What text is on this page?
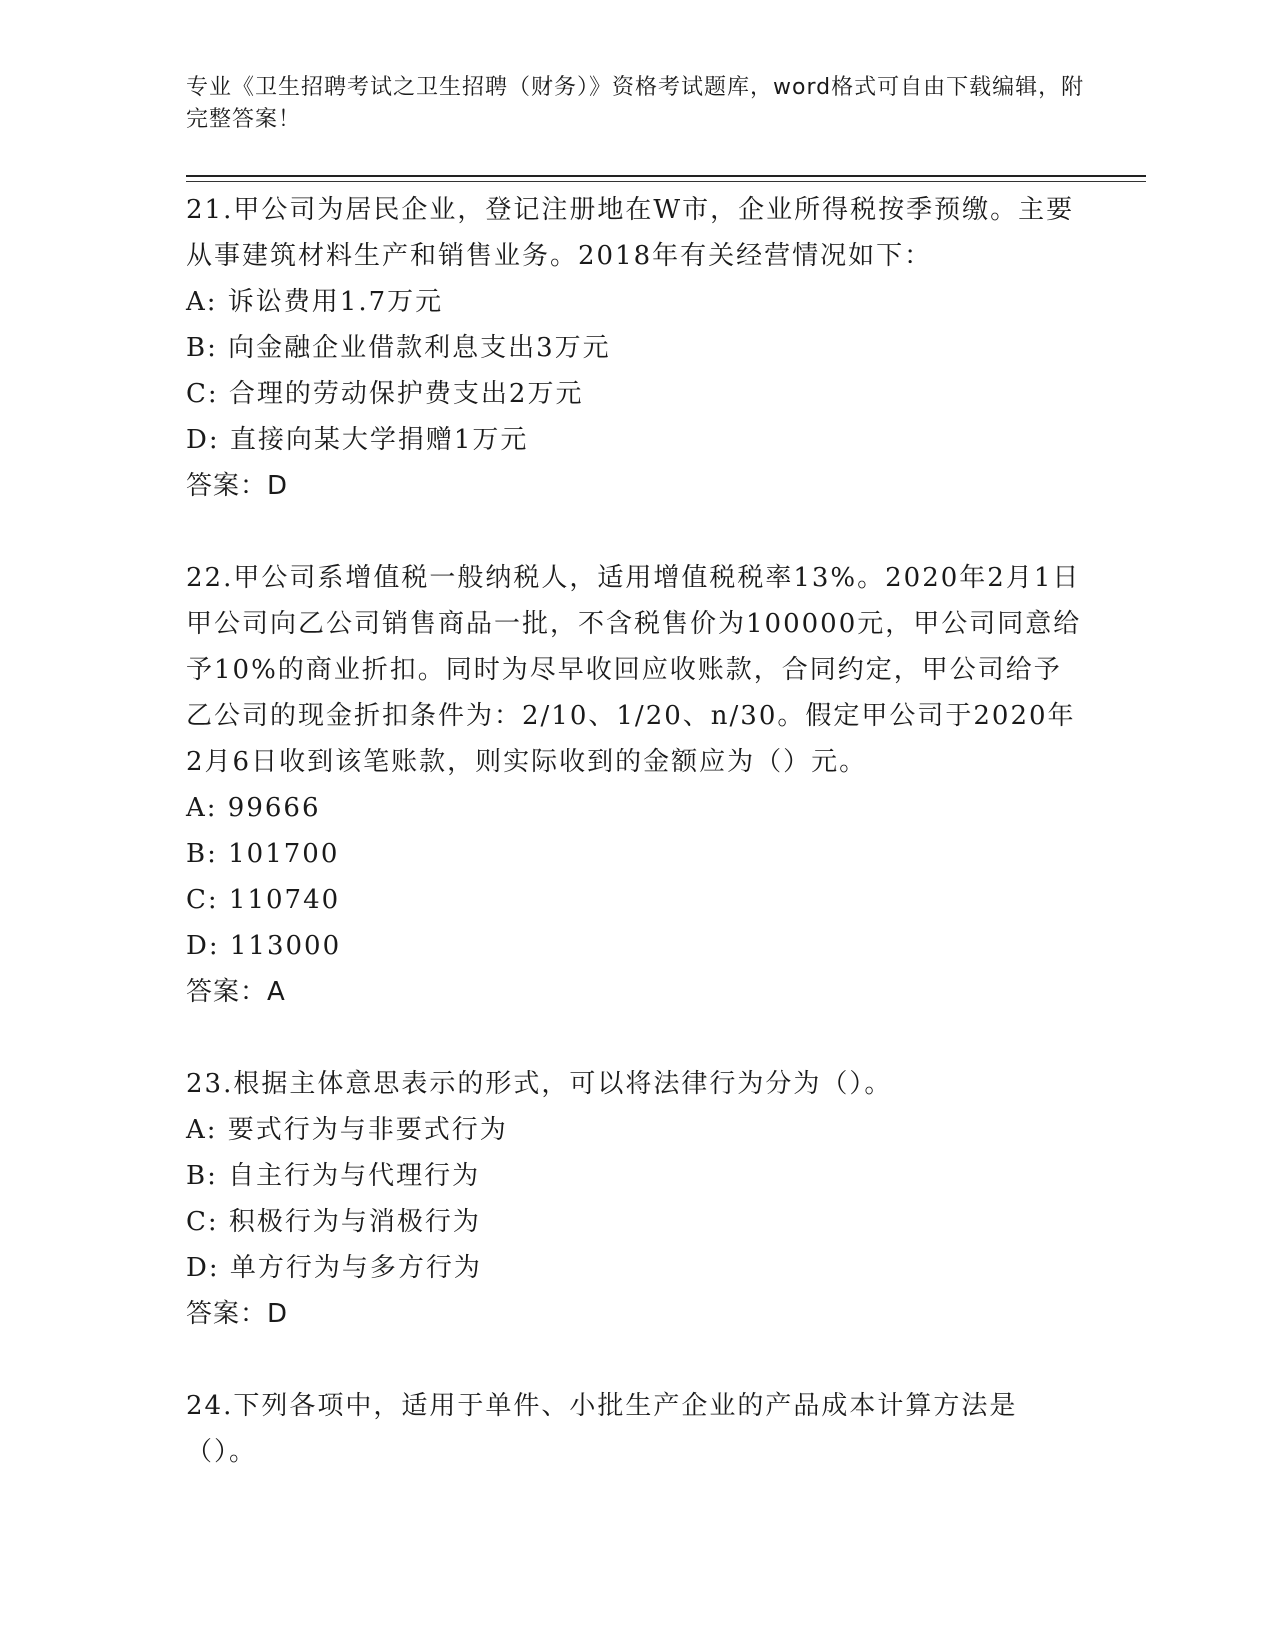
专业《卫生招聘考试之卫生招聘（财务）》资格考试题库，word格式可自由下载编辑，附完整答案！

21.甲公司为居民企业，登记注册地在W市，企业所得税按季预缴。主要从事建筑材料生产和销售业务。2018年有关经营情况如下：

A: 诉讼费用1.7万元

B: 向金融企业借款利息支出3万元

C: 合理的劳动保护费支出2万元

D: 直接向某大学捐赠1万元

答案：D

22.甲公司系增值税一般纳税人，适用增值税税率13%。2020年2月1日甲公司向乙公司销售商品一批，不含税售价为100000元，甲公司同意给予10%的商业折扣。同时为尽早收回应收账款，合同约定，甲公司给予乙公司的现金折扣条件为：2/10、1/20、n/30。假定甲公司于2020年2月6日收到该笔账款，则实际收到的金额应为（）元。

A: 99666

B: 101700

C: 110740

D: 113000

答案：A

23.根据主体意思表示的形式，可以将法律行为分为（）。

A: 要式行为与非要式行为

B: 自主行为与代理行为

C: 积极行为与消极行为

D: 单方行为与多方行为

答案：D

24.下列各项中，适用于单件、小批生产企业的产品成本计算方法是（）。
